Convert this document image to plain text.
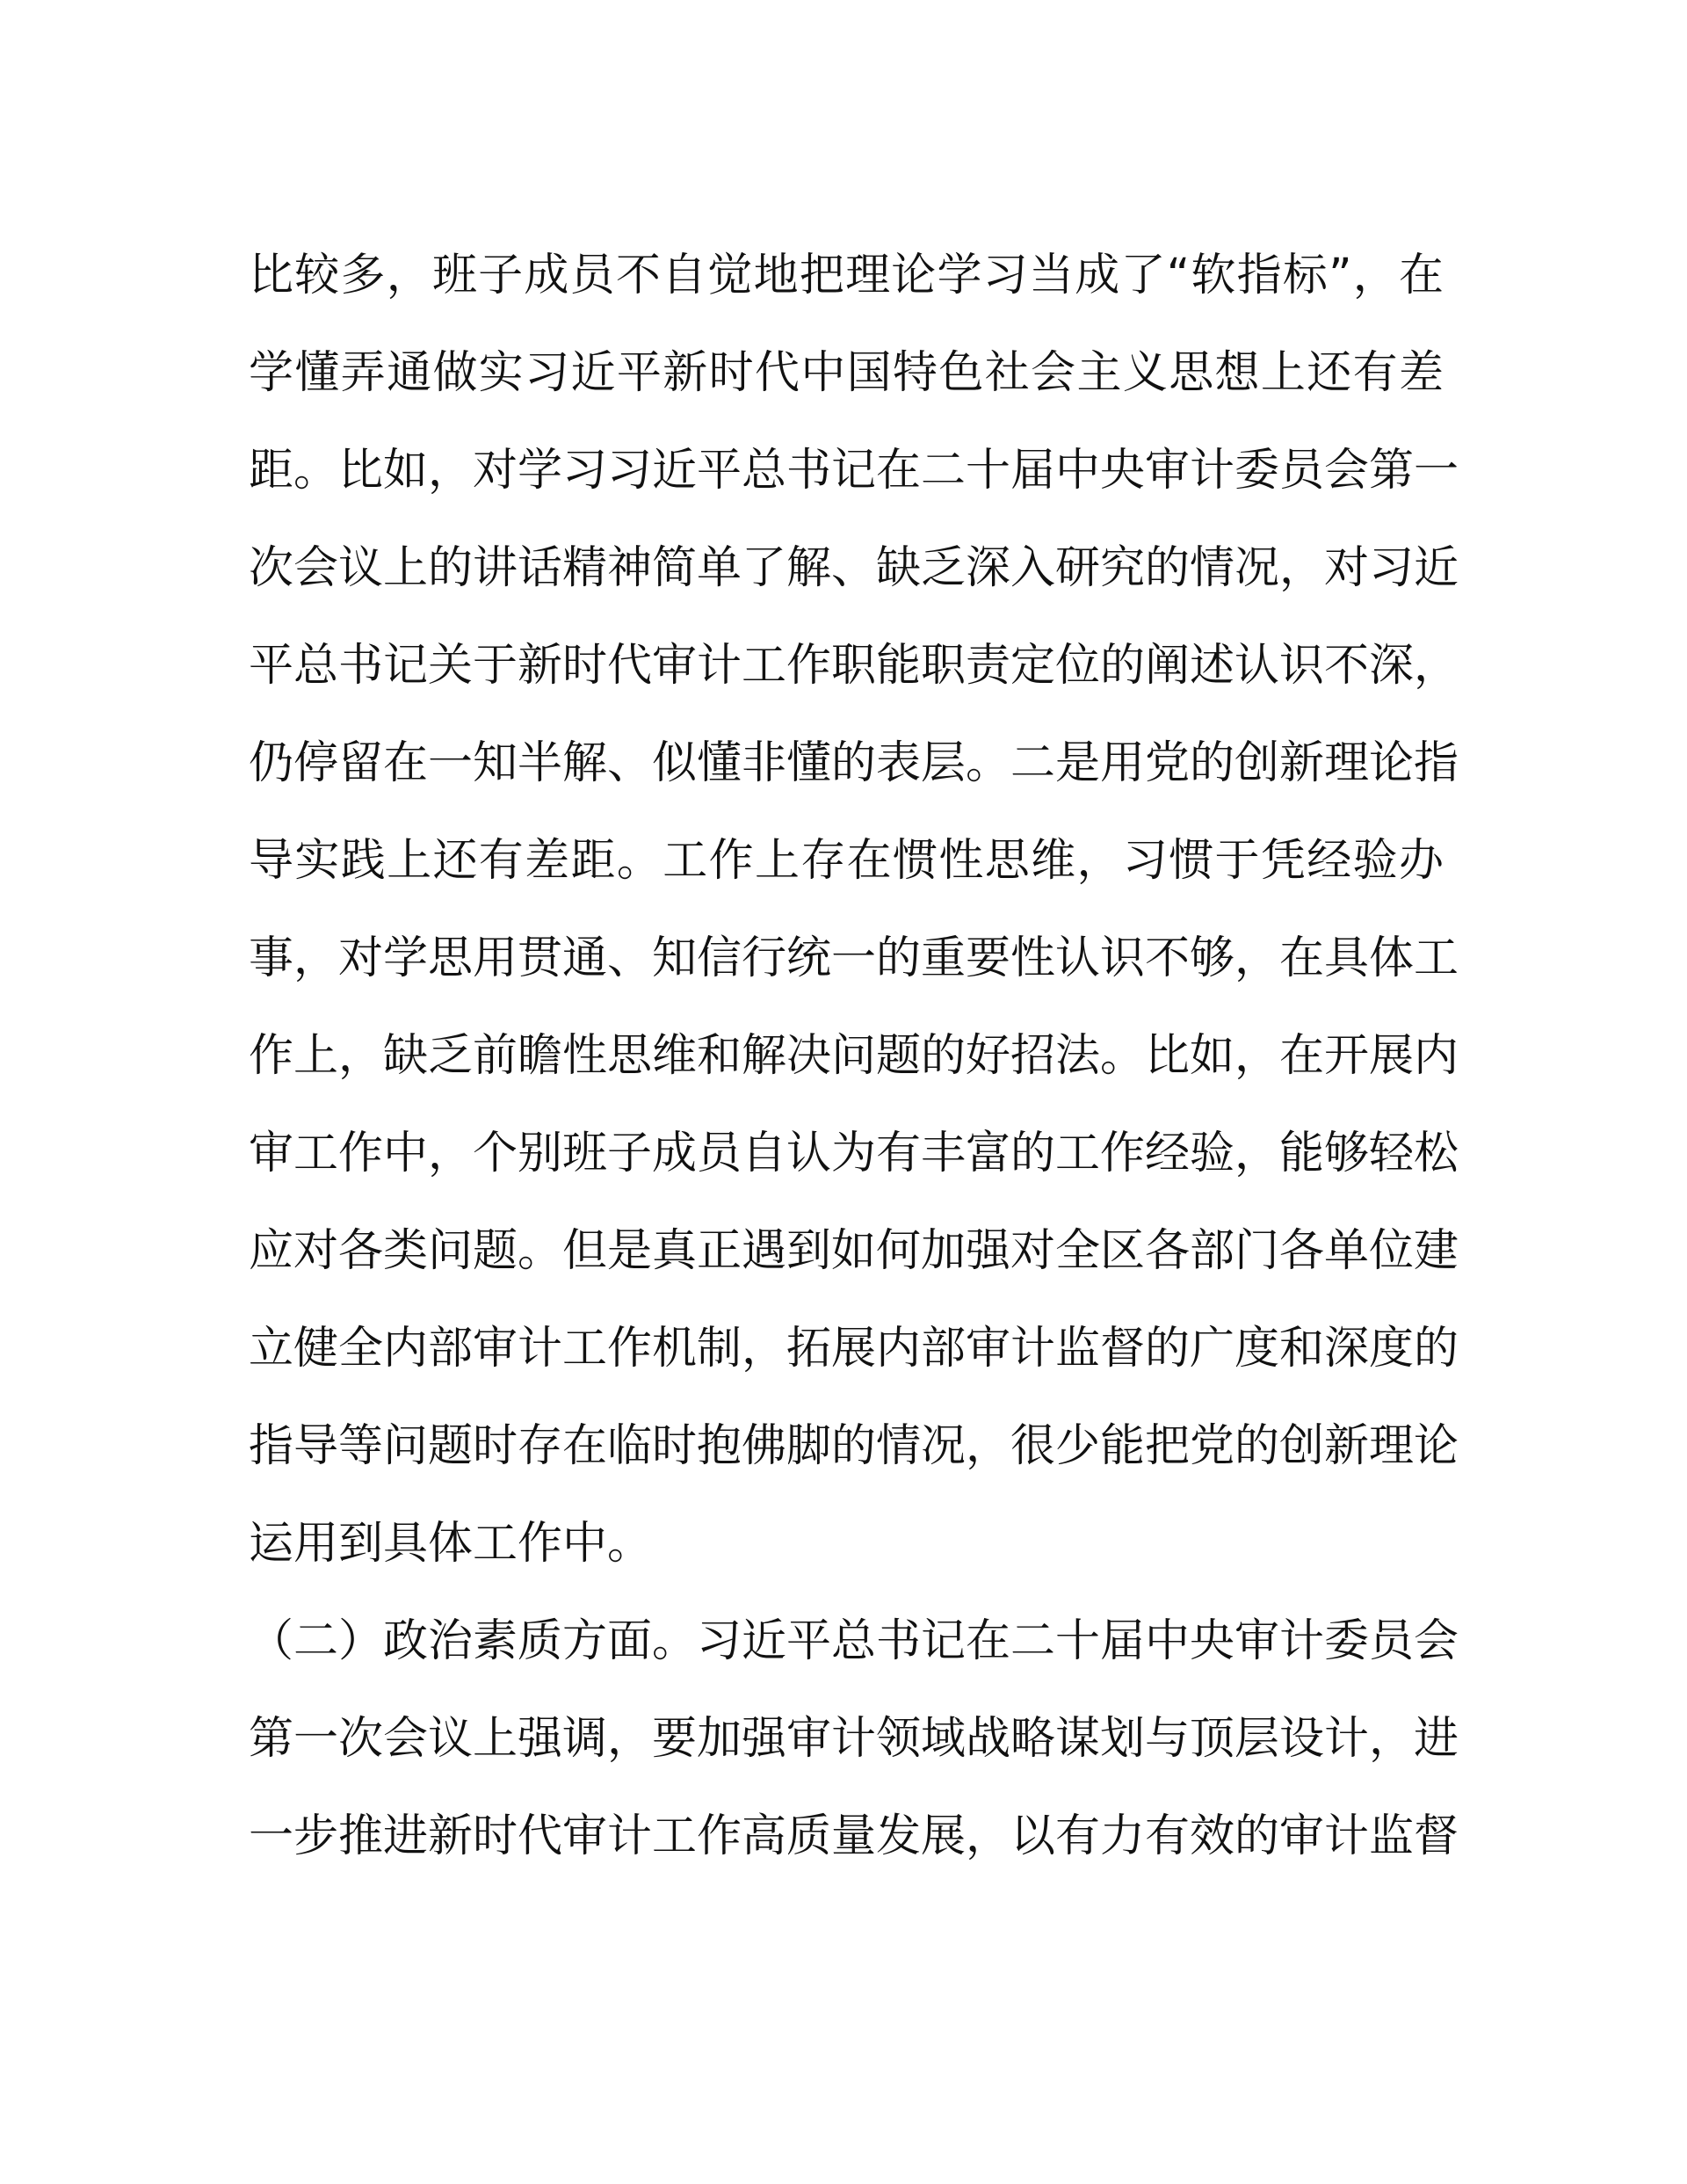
比较多，班子成员不自觉地把理论学习当成了“软指标”，在
学懂弄通做实习近平新时代中国特色社会主义思想上还有差
距。比如，对学习习近平总书记在二十届中央审计委员会第一
次会议上的讲话精神简单了解、缺乏深入研究的情况，对习近
平总书记关于新时代审计工作职能职责定位的阐述认识不深，
仍停留在一知半解、似懂非懂的表层。二是用党的创新理论指
导实践上还有差距。工作上存在惯性思维，习惯于凭经验办
事，对学思用贯通、知信行统一的重要性认识不够，在具体工
作上，缺乏前瞻性思维和解决问题的好招法。比如，在开展内
审工作中，个别班子成员自认为有丰富的工作经验，能够轻松
应对各类问题。但是真正遇到如何加强对全区各部门各单位建
立健全内部审计工作机制，拓展内部审计监督的广度和深度的
指导等问题时存在临时抱佛脚的情况，很少能把党的创新理论
运用到具体工作中。
（二）政治素质方面。习近平总书记在二十届中央审计委员会
第一次会议上强调，要加强审计领域战略谋划与顶层设计，进
一步推进新时代审计工作高质量发展，以有力有效的审计监督
